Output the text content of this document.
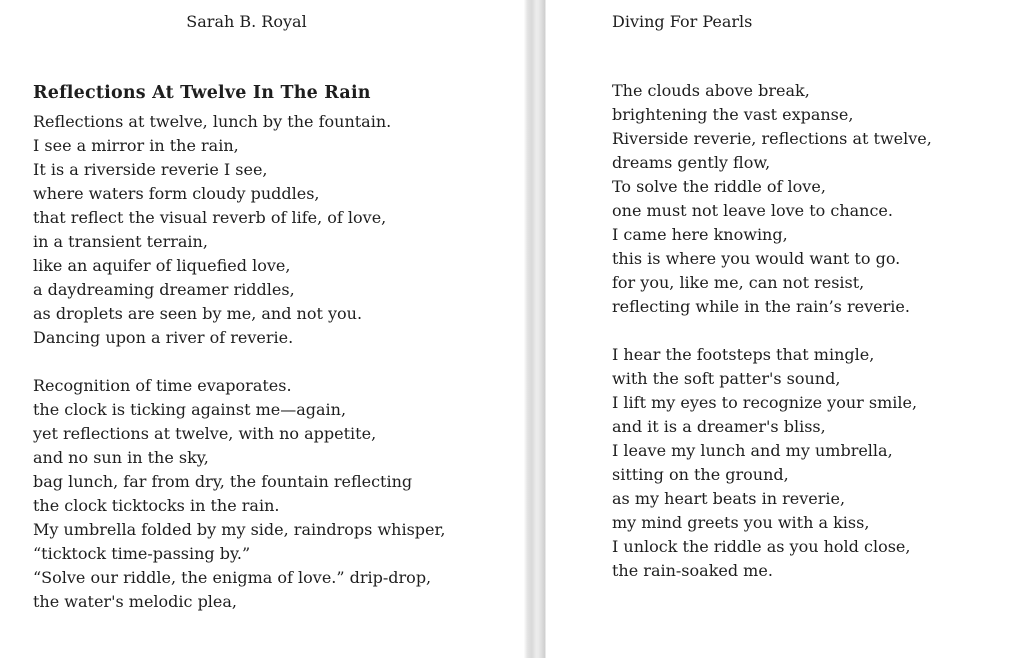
Sarah B. Royal
Reflections At Twelve In The Rain
Reflections at twelve, lunch by the fountain.
I see a mirror in the rain,
It is a riverside reverie I see,
where waters form cloudy puddles,
that reflect the visual reverb of life, of love,
in a transient terrain,
like an aquifer of liquefied love,
a daydreaming dreamer riddles,
as droplets are seen by me, and not you.
Dancing upon a river of reverie.
Recognition of time evaporates.
the clock is ticking against me—again,
yet reflections at twelve, with no appetite,
and no sun in the sky,
bag lunch, far from dry, the fountain reflecting
the clock ticktocks in the rain.
My umbrella folded by my side, raindrops whisper,
“ticktock time-passing by.”
“Solve our riddle, the enigma of love.” drip-drop,
the water's melodic plea,
Diving For Pearls
The clouds above break,
brightening the vast expanse,
Riverside reverie, reflections at twelve,
dreams gently flow,
To solve the riddle of love,
one must not leave love to chance.
I came here knowing,
this is where you would want to go.
for you, like me, can not resist,
reflecting while in the rain’s reverie.
I hear the footsteps that mingle,
with the soft patter's sound,
I lift my eyes to recognize your smile,
and it is a dreamer's bliss,
I leave my lunch and my umbrella,
sitting on the ground,
as my heart beats in reverie,
my mind greets you with a kiss,
I unlock the riddle as you hold close,
the rain-soaked me.
